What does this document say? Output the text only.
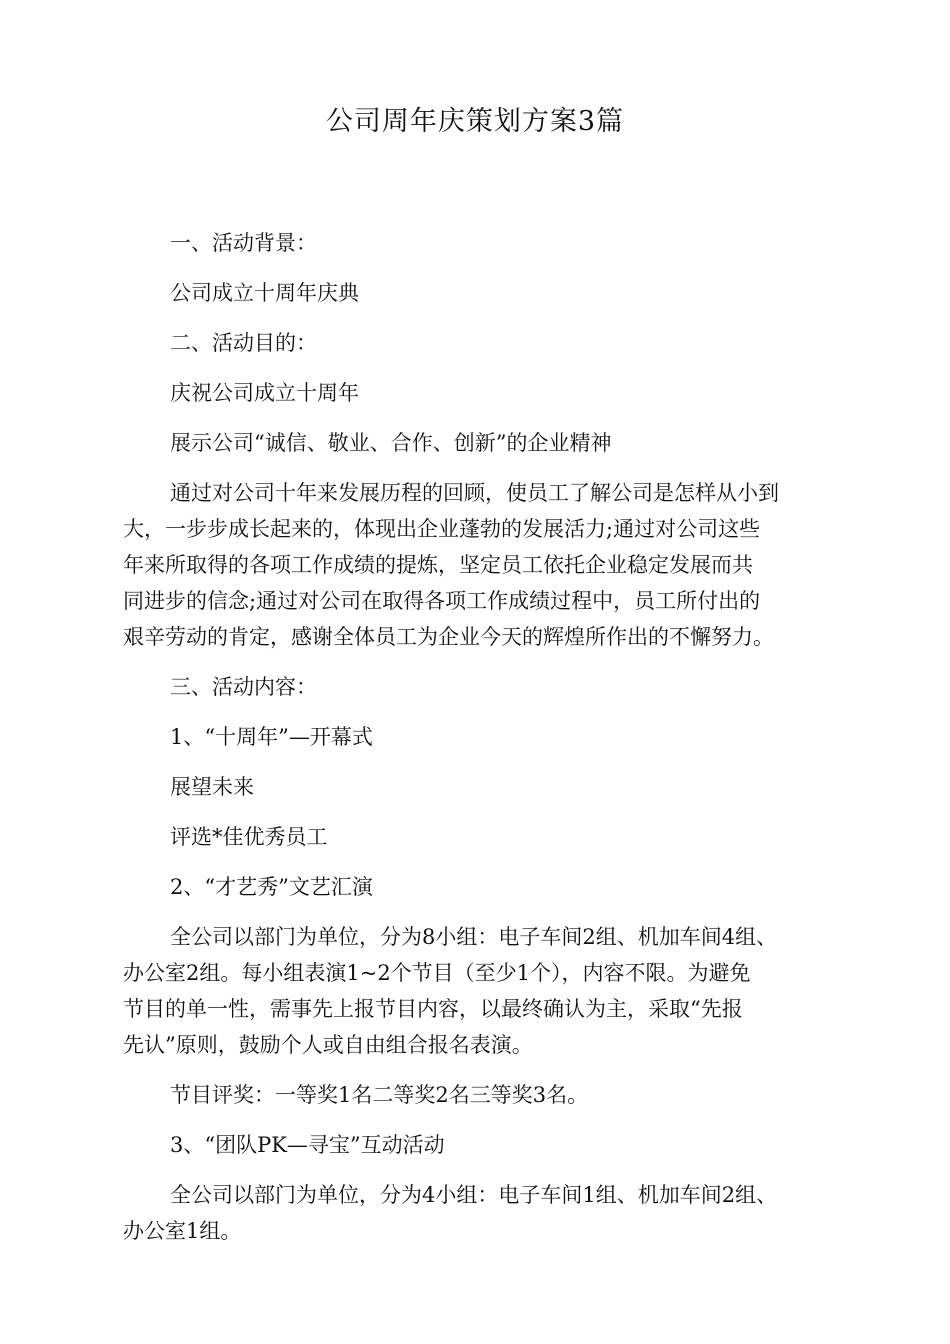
公司周年庆策划方案3篇

一、活动背景：

公司成立十周年庆典

二、活动目的：

庆祝公司成立十周年

展示公司“诚信、敬业、合作、创新”的企业精神

通过对公司十年来发展历程的回顾，使员工了解公司是怎样从小到
大，一步步成长起来的，体现出企业蓬勃的发展活力;通过对公司这些
年来所取得的各项工作成绩的提炼，坚定员工依托企业稳定发展而共
同进步的信念;通过对公司在取得各项工作成绩过程中，员工所付出的
艰辛劳动的肯定，感谢全体员工为企业今天的辉煌所作出的不懈努力。

三、活动内容：

1、“十周年”—开幕式

展望未来

评选*佳优秀员工

2、“才艺秀”文艺汇演

全公司以部门为单位，分为8小组：电子车间2组、机加车间4组、
办公室2组。每小组表演1~2个节目（至少1个），内容不限。为避免
节目的单一性，需事先上报节目内容，以最终确认为主，采取“先报
先认”原则，鼓励个人或自由组合报名表演。

节目评奖：一等奖1名二等奖2名三等奖3名。

3、“团队PK—寻宝”互动活动

全公司以部门为单位，分为4小组：电子车间1组、机加车间2组、
办公室1组。
